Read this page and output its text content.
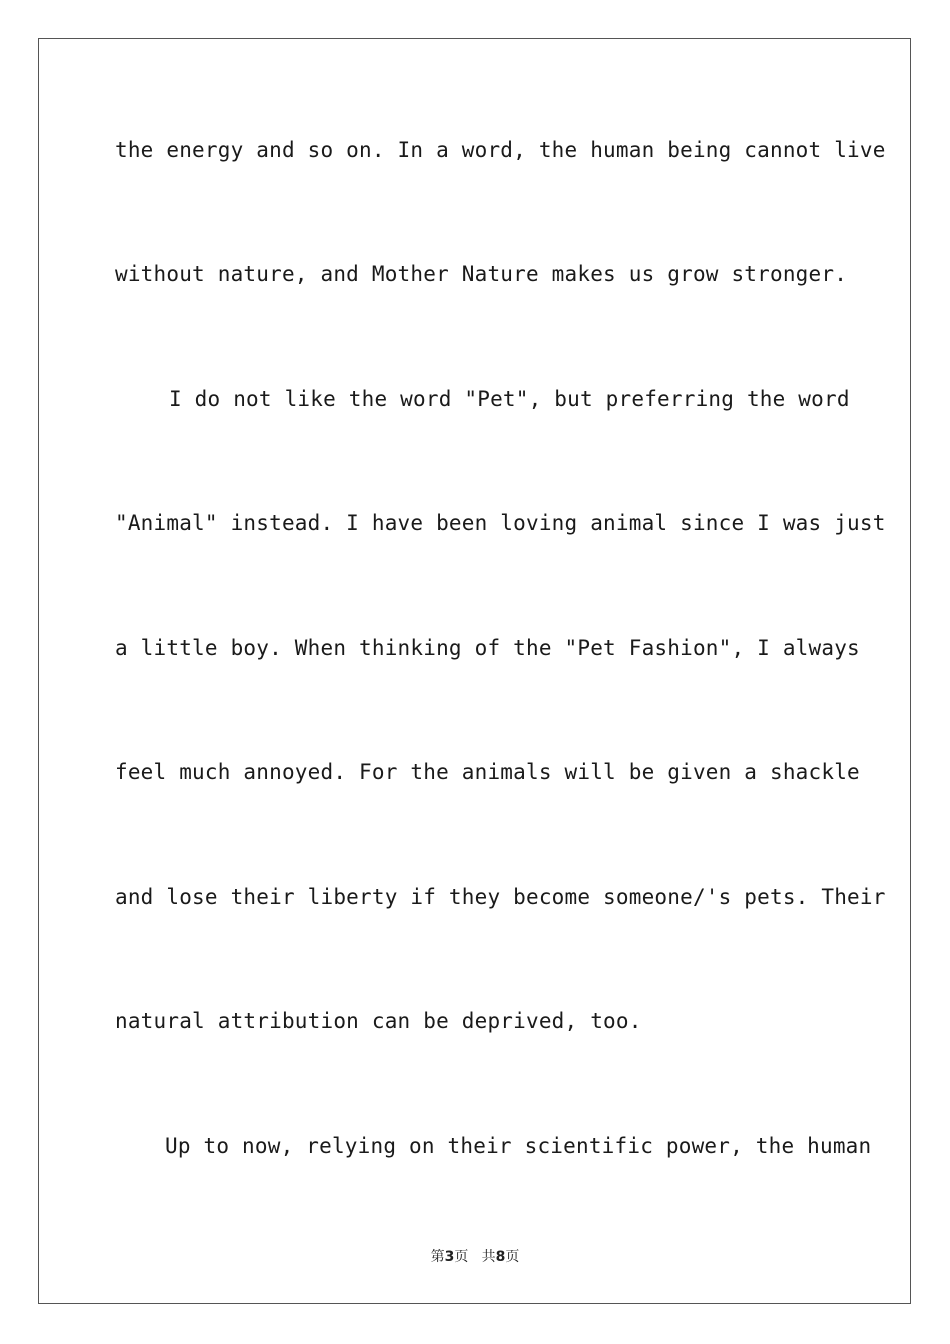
the energy and so on. In a word, the human being cannot live
without nature, and Mother Nature makes us grow stronger.
I do not like the word "Pet", but preferring the word
"Animal" instead. I have been loving animal since I was just
a little boy. When thinking of the "Pet Fashion", I always
feel much annoyed. For the animals will be given a shackle
and lose their liberty if they become someone/'s pets. Their
natural attribution can be deprived, too.
Up to now, relying on their scientific power, the human
第3页 共8页
